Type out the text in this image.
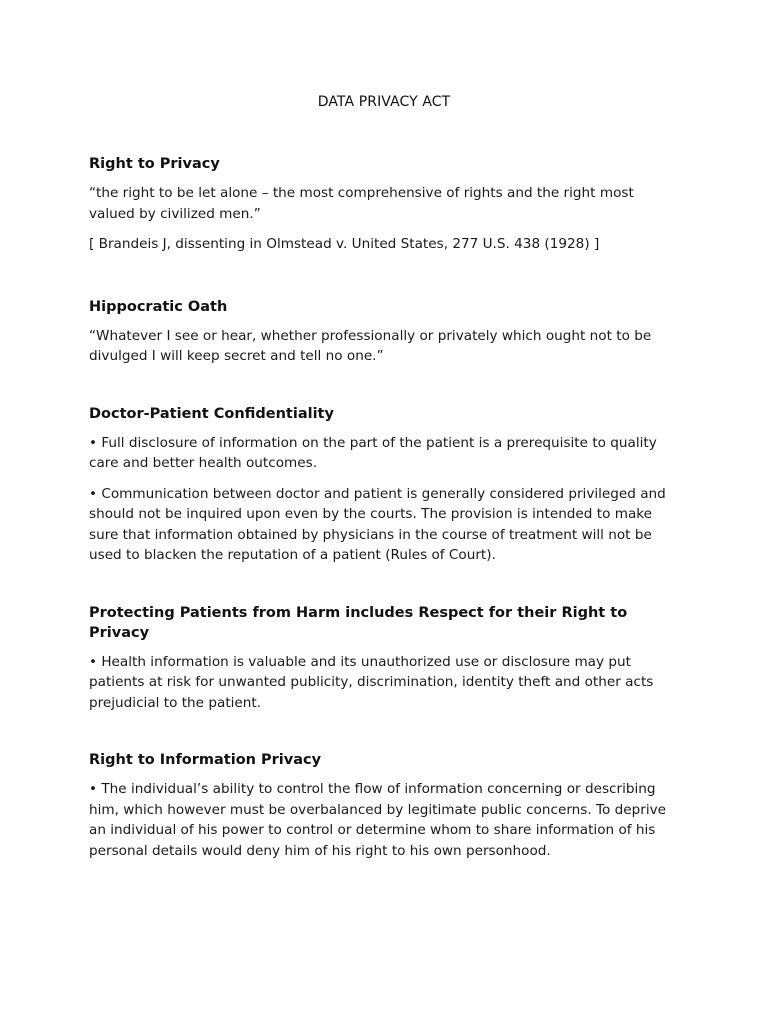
DATA PRIVACY ACT
Right to Privacy

“the right to be let alone – the most comprehensive of rights and the right most valued by civilized men.”

[ Brandeis J, dissenting in Olmstead v. United States, 277 U.S. 438 (1928) ]

Hippocratic Oath

“Whatever I see or hear, whether professionally or privately which ought not to be divulged I will keep secret and tell no one.”

Doctor-Patient Confidentiality

• Full disclosure of information on the part of the patient is a prerequisite to quality care and better health outcomes.

• Communication between doctor and patient is generally considered privileged and should not be inquired upon even by the courts. The provision is intended to make sure that information obtained by physicians in the course of treatment will not be used to blacken the reputation of a patient (Rules of Court).

Protecting Patients from Harm includes Respect for their Right to Privacy

• Health information is valuable and its unauthorized use or disclosure may put patients at risk for unwanted publicity, discrimination, identity theft and other acts prejudicial to the patient.

Right to Information Privacy

• The individual’s ability to control the flow of information concerning or describing him, which however must be overbalanced by legitimate public concerns. To deprive an individual of his power to control or determine whom to share information of his personal details would deny him of his right to his own personhood.
